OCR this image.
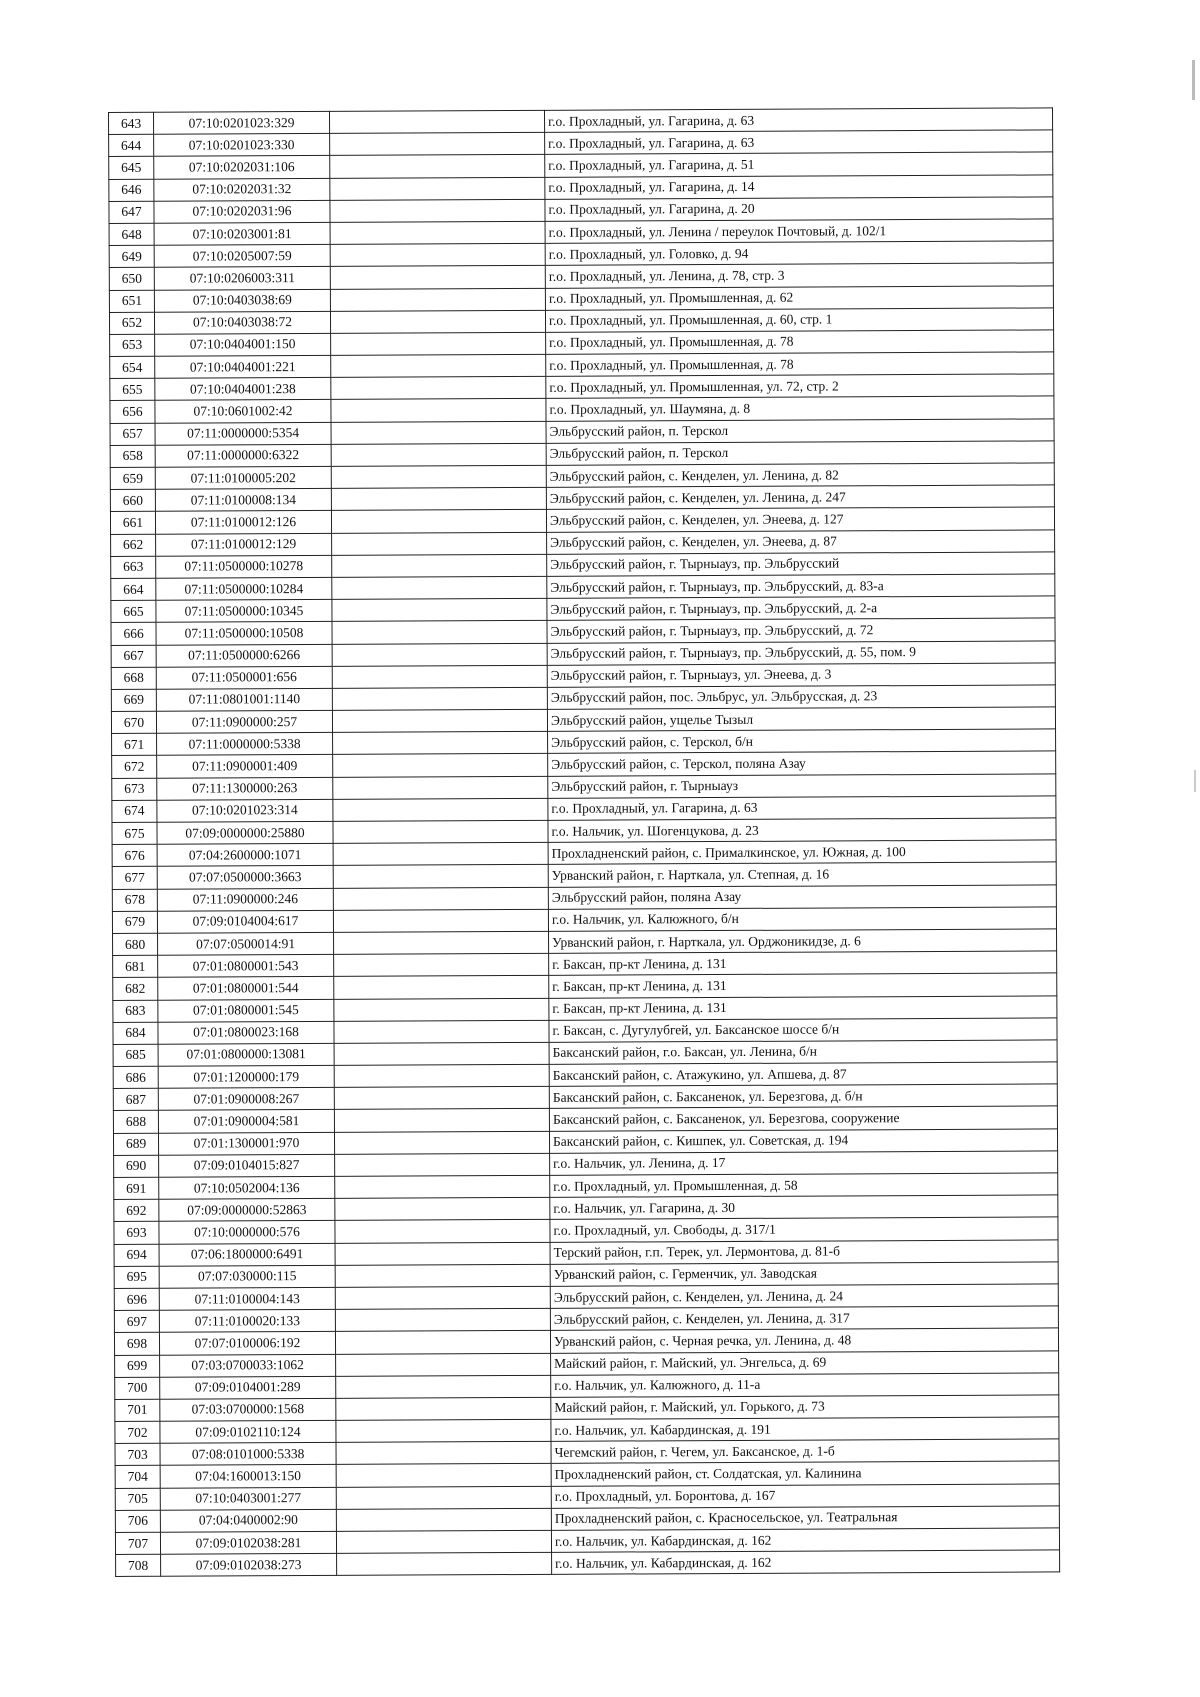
643	07:10:0201023:329		г.о. Прохладный, ул. Гагарина, д. 63
644	07:10:0201023:330		г.о. Прохладный, ул. Гагарина, д. 63
645	07:10:0202031:106		г.о. Прохладный, ул. Гагарина, д. 51
646	07:10:0202031:32		г.о. Прохладный, ул. Гагарина, д. 14
647	07:10:0202031:96		г.о. Прохладный, ул. Гагарина, д. 20
648	07:10:0203001:81		г.о. Прохладный, ул. Ленина / переулок Почтовый, д. 102/1
649	07:10:0205007:59		г.о. Прохладный, ул. Головко, д. 94
650	07:10:0206003:311		г.о. Прохладный, ул. Ленина, д. 78, стр. 3
651	07:10:0403038:69		г.о. Прохладный, ул. Промышленная, д. 62
652	07:10:0403038:72		г.о. Прохладный, ул. Промышленная, д. 60, стр. 1
653	07:10:0404001:150		г.о. Прохладный, ул. Промышленная, д. 78
654	07:10:0404001:221		г.о. Прохладный, ул. Промышленная, д. 78
655	07:10:0404001:238		г.о. Прохладный, ул. Промышленная, ул. 72, стр. 2
656	07:10:0601002:42		г.о. Прохладный, ул. Шаумяна, д. 8
657	07:11:0000000:5354		Эльбрусский район, п. Терскол
658	07:11:0000000:6322		Эльбрусский район, п. Терскол
659	07:11:0100005:202		Эльбрусский район, с. Кенделен, ул. Ленина, д. 82
660	07:11:0100008:134		Эльбрусский район, с. Кенделен, ул. Ленина, д. 247
661	07:11:0100012:126		Эльбрусский район, с. Кенделен, ул. Энеева, д. 127
662	07:11:0100012:129		Эльбрусский район, с. Кенделен, ул. Энеева, д. 87
663	07:11:0500000:10278		Эльбрусский район, г. Тырныауз, пр. Эльбрусский
664	07:11:0500000:10284		Эльбрусский район, г. Тырныауз, пр. Эльбрусский, д. 83-а
665	07:11:0500000:10345		Эльбрусский район, г. Тырныауз, пр. Эльбрусский, д. 2-а
666	07:11:0500000:10508		Эльбрусский район, г. Тырныауз, пр. Эльбрусский, д. 72
667	07:11:0500000:6266		Эльбрусский район, г. Тырныауз, пр. Эльбрусский, д. 55, пом. 9
668	07:11:0500001:656		Эльбрусский район, г. Тырныауз, ул. Энеева, д. 3
669	07:11:0801001:1140		Эльбрусский район, пос. Эльбрус, ул. Эльбрусская, д. 23
670	07:11:0900000:257		Эльбрусский район, ущелье Тызыл
671	07:11:0000000:5338		Эльбрусский район, с. Терскол, б/н
672	07:11:0900001:409		Эльбрусский район, с. Терскол, поляна Азау
673	07:11:1300000:263		Эльбрусский район, г. Тырныауз
674	07:10:0201023:314		г.о. Прохладный, ул. Гагарина, д. 63
675	07:09:0000000:25880		г.о. Нальчик, ул. Шогенцукова, д. 23
676	07:04:2600000:1071		Прохладненский район, с. Прималкинское, ул. Южная, д. 100
677	07:07:0500000:3663		Урванский район, г. Нарткала, ул. Степная, д. 16
678	07:11:0900000:246		Эльбрусский район, поляна Азау
679	07:09:0104004:617		г.о. Нальчик, ул. Калюжного, б/н
680	07:07:0500014:91		Урванский район, г. Нарткала, ул. Орджоникидзе, д. 6
681	07:01:0800001:543		г. Баксан, пр-кт Ленина, д. 131
682	07:01:0800001:544		г. Баксан, пр-кт Ленина, д. 131
683	07:01:0800001:545		г. Баксан, пр-кт Ленина, д. 131
684	07:01:0800023:168		г. Баксан, с. Дугулубгей, ул. Баксанское шоссе б/н
685	07:01:0800000:13081		Баксанский район, г.о. Баксан, ул. Ленина, б/н
686	07:01:1200000:179		Баксанский район, с. Атажукино, ул. Апшева, д. 87
687	07:01:0900008:267		Баксанский район, с. Баксаненок, ул. Березгова, д. б/н
688	07:01:0900004:581		Баксанский район, с. Баксаненок, ул. Березгова, сооружение
689	07:01:1300001:970		Баксанский район, с. Кишпек, ул. Советская, д. 194
690	07:09:0104015:827		г.о. Нальчик, ул. Ленина, д. 17
691	07:10:0502004:136		г.о. Прохладный, ул. Промышленная, д. 58
692	07:09:0000000:52863		г.о. Нальчик, ул. Гагарина, д. 30
693	07:10:0000000:576		г.о. Прохладный, ул. Свободы, д. 317/1
694	07:06:1800000:6491		Терский район, г.п. Терек, ул. Лермонтова, д. 81-б
695	07:07:030000:115		Урванский район, с. Герменчик, ул. Заводская
696	07:11:0100004:143		Эльбрусский район, с. Кенделен, ул. Ленина, д. 24
697	07:11:0100020:133		Эльбрусский район, с. Кенделен, ул. Ленина, д. 317
698	07:07:0100006:192		Урванский район, с. Черная речка, ул. Ленина, д. 48
699	07:03:0700033:1062		Майский район, г. Майский, ул. Энгельса, д. 69
700	07:09:0104001:289		г.о. Нальчик, ул. Калюжного, д. 11-а
701	07:03:0700000:1568		Майский район, г. Майский, ул. Горького, д. 73
702	07:09:0102110:124		г.о. Нальчик, ул. Кабардинская, д. 191
703	07:08:0101000:5338		Чегемский район, г. Чегем, ул. Баксанское, д. 1-б
704	07:04:1600013:150		Прохладненский район, ст. Солдатская, ул. Калинина
705	07:10:0403001:277		г.о. Прохладный, ул. Боронтова, д. 167
706	07:04:0400002:90		Прохладненский район, с. Красносельское, ул. Театральная
707	07:09:0102038:281		г.о. Нальчик, ул. Кабардинская, д. 162
708	07:09:0102038:273		г.о. Нальчик, ул. Кабардинская, д. 162
